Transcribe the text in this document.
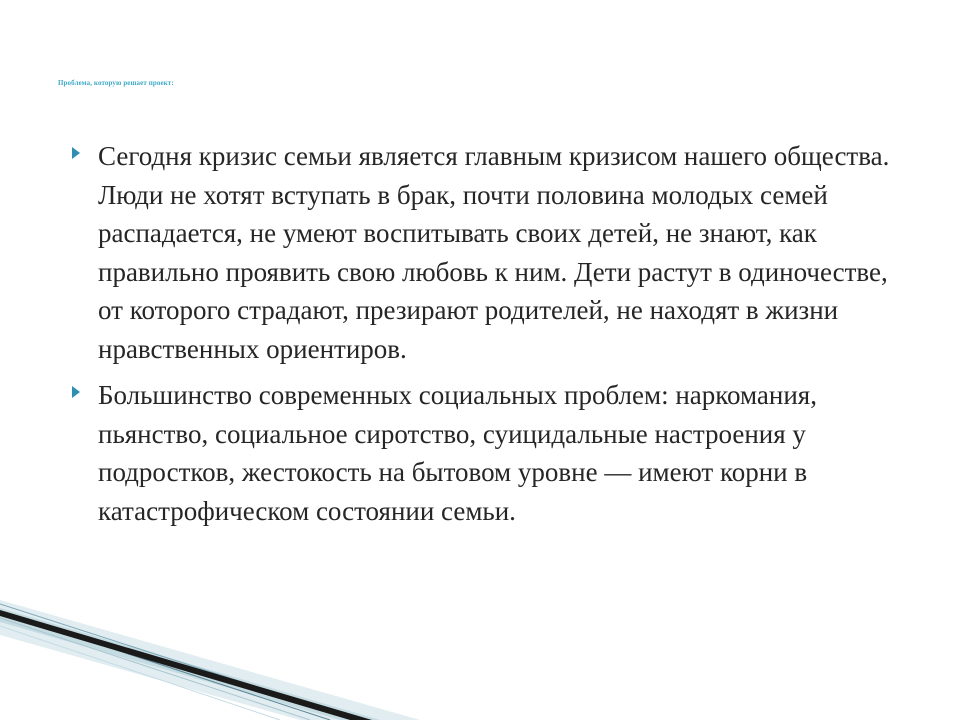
Проблема, которую решает проект:
Сегодня кризис семьи является главным кризисом нашего общества. Люди не хотят вступать в брак, почти половина молодых семей распадается, не умеют воспитывать своих детей, не знают, как правильно проявить свою любовь к ним. Дети растут в одиночестве, от которого страдают, презирают родителей, не находят в жизни нравственных ориентиров.
Большинство современных социальных проблем: наркомания, пьянство, социальное сиротство, суицидальные настроения у подростков, жестокость на бытовом уровне — имеют корни в катастрофическом состоянии семьи.
